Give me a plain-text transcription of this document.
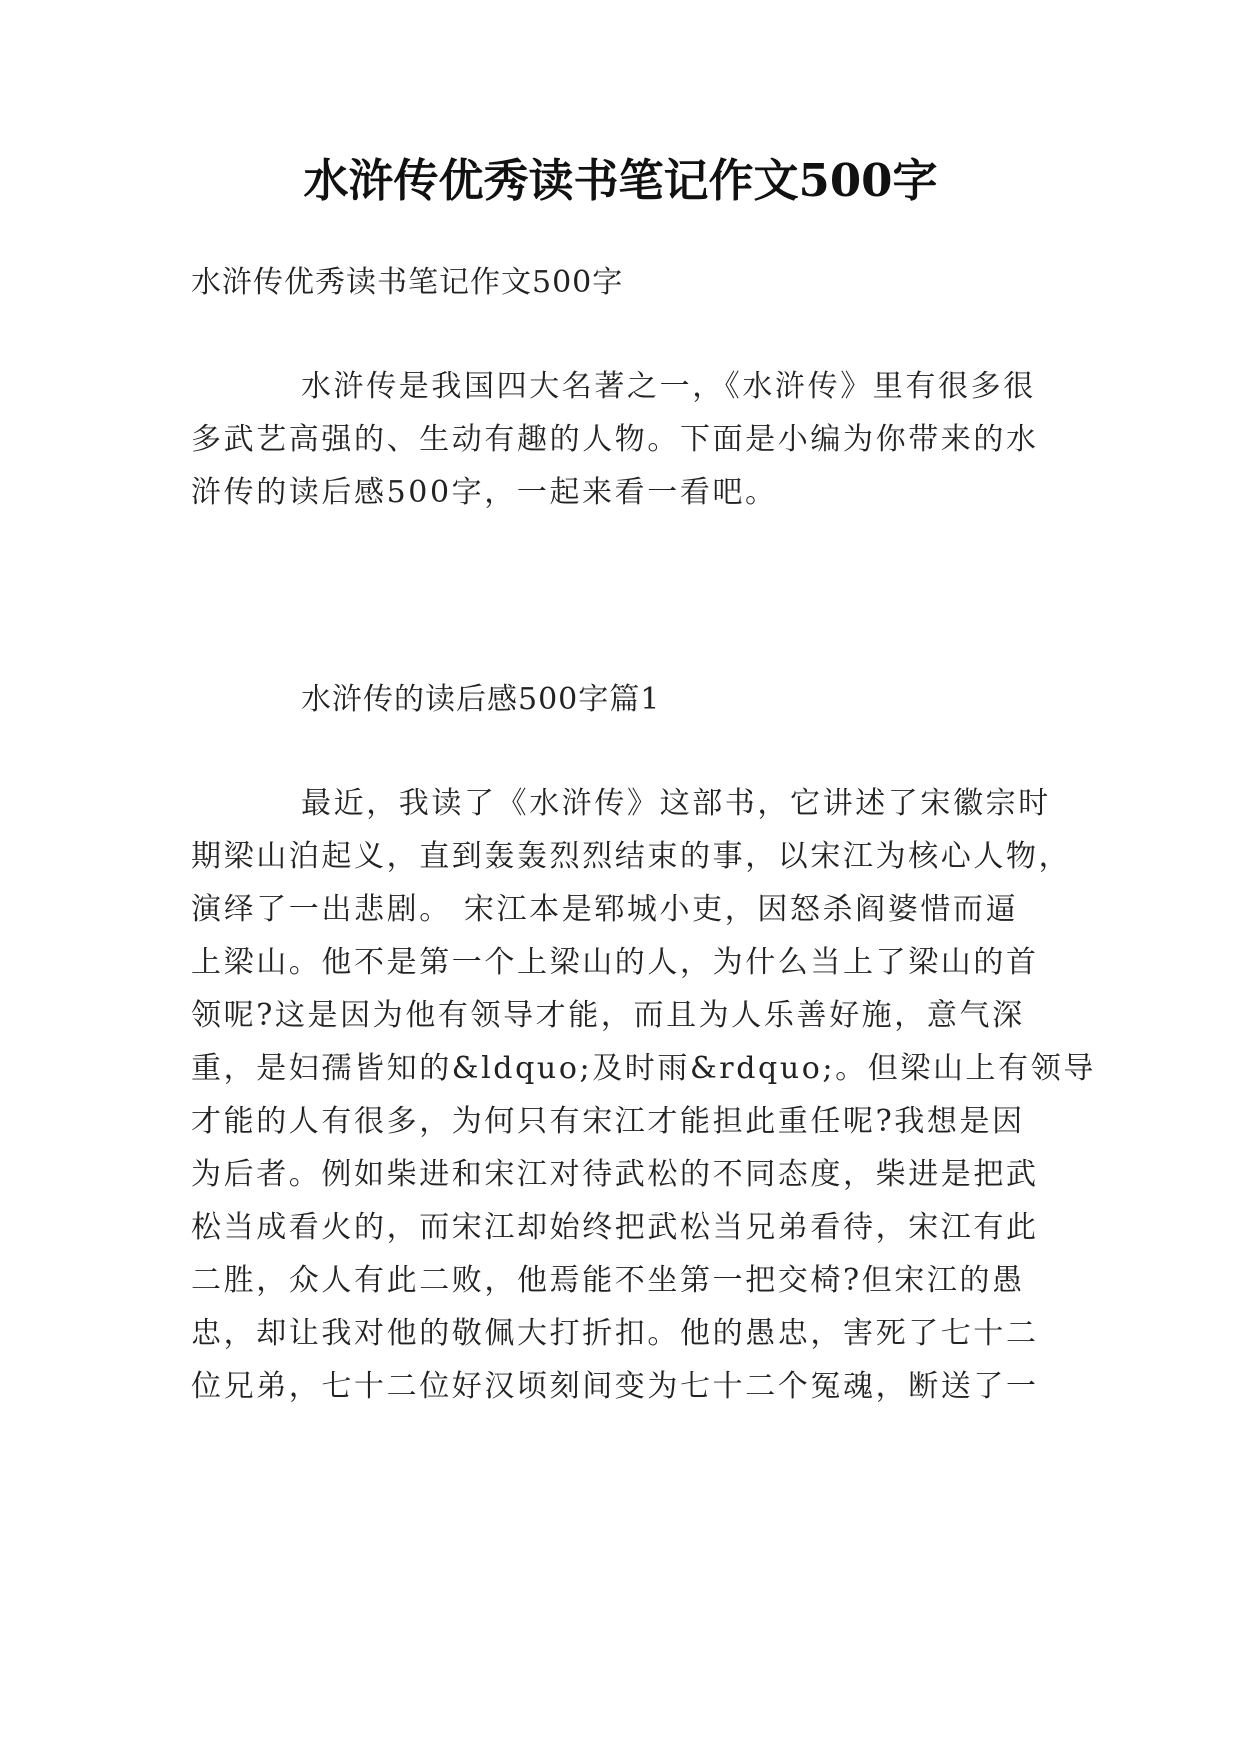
水浒传优秀读书笔记作文500字
水浒传优秀读书笔记作文500字
水浒传是我国四大名著之一，《水浒传》里有很多很
多武艺高强的、生动有趣的人物。下面是小编为你带来的水
浒传的读后感500字，一起来看一看吧。
水浒传的读后感500字篇1
最近，我读了《水浒传》这部书，它讲述了宋徽宗时
期梁山泊起义，直到轰轰烈烈结束的事，以宋江为核心人物，
演绎了一出悲剧。 宋江本是郓城小吏，因怒杀阎婆惜而逼
上梁山。他不是第一个上梁山的人，为什么当上了梁山的首
领呢?这是因为他有领导才能，而且为人乐善好施，意气深
重，是妇孺皆知的&ldquo;及时雨&rdquo;。但梁山上有领导
才能的人有很多，为何只有宋江才能担此重任呢?我想是因
为后者。例如柴进和宋江对待武松的不同态度，柴进是把武
松当成看火的，而宋江却始终把武松当兄弟看待，宋江有此
二胜，众人有此二败，他焉能不坐第一把交椅?但宋江的愚
忠，却让我对他的敬佩大打折扣。他的愚忠，害死了七十二
位兄弟，七十二位好汉顷刻间变为七十二个冤魂，断送了一
